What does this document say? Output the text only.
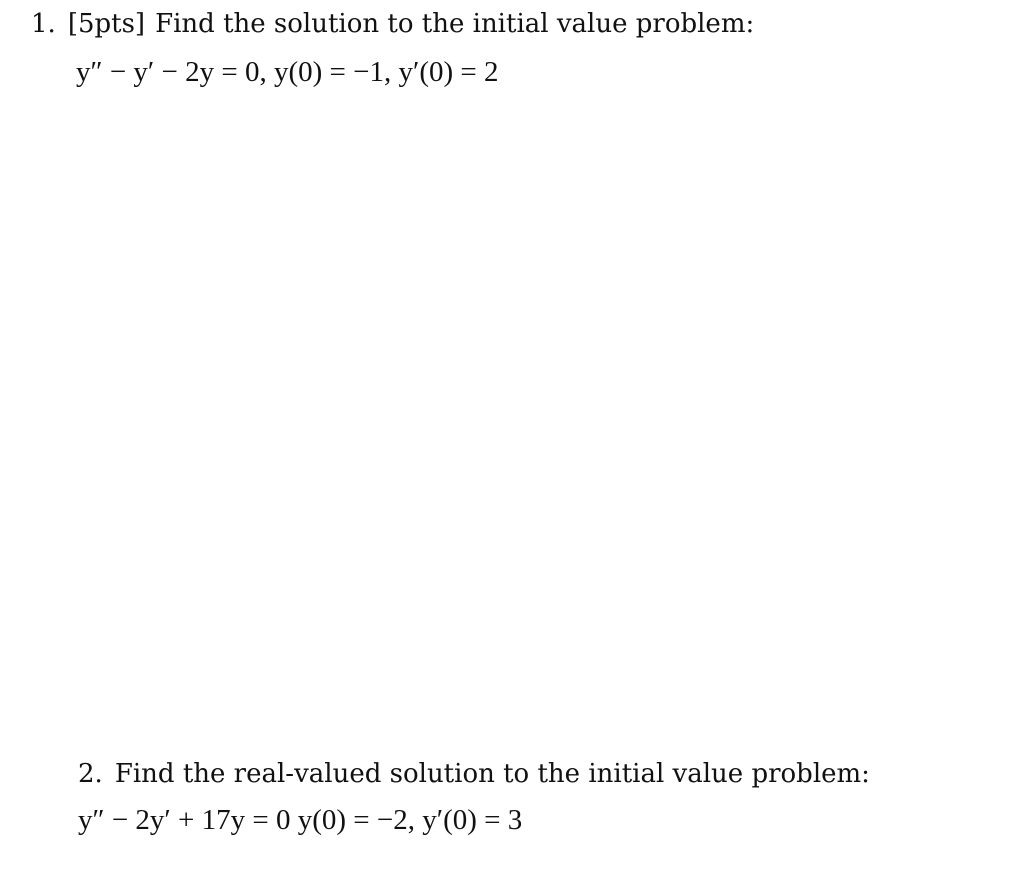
1. [5pts] Find the solution to the initial value problem:
y″ − y′ − 2y = 0, y(0) = −1, y′(0) = 2
2. Find the real-valued solution to the initial value problem:
y″ − 2y′ + 17y = 0 y(0) = −2, y′(0) = 3
